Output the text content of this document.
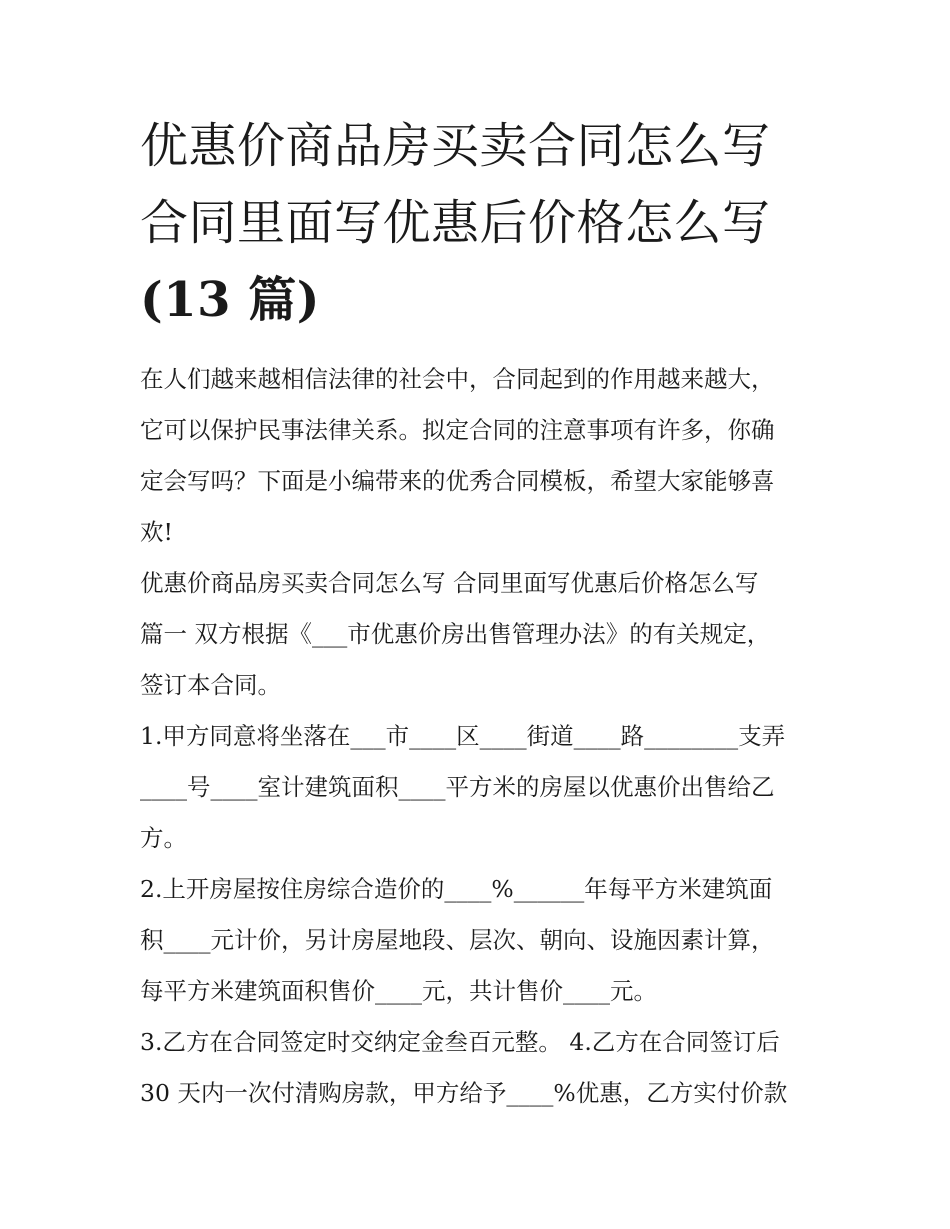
优惠价商品房买卖合同怎么写
合同里面写优惠后价格怎么写
(13 篇)

在人们越来越相信法律的社会中，合同起到的作用越来越大，
它可以保护民事法律关系。拟定合同的注意事项有许多，你确
定会写吗？下面是小编带来的优秀合同模板，希望大家能够喜
欢!

优惠价商品房买卖合同怎么写 合同里面写优惠后价格怎么写
篇一 双方根据《___市优惠价房出售管理办法》的有关规定，
签订本合同。

1.甲方同意将坐落在___市____区____街道____路________支弄
____号____室计建筑面积____平方米的房屋以优惠价出售给乙
方。

2.上开房屋按住房综合造价的____%______年每平方米建筑面
积____元计价，另计房屋地段、层次、朝向、设施因素计算，
每平方米建筑面积售价____元，共计售价____元。

3.乙方在合同签定时交纳定金叁百元整。 4.乙方在合同签订后
30 天内一次付清购房款，甲方给予____%优惠，乙方实付价款
